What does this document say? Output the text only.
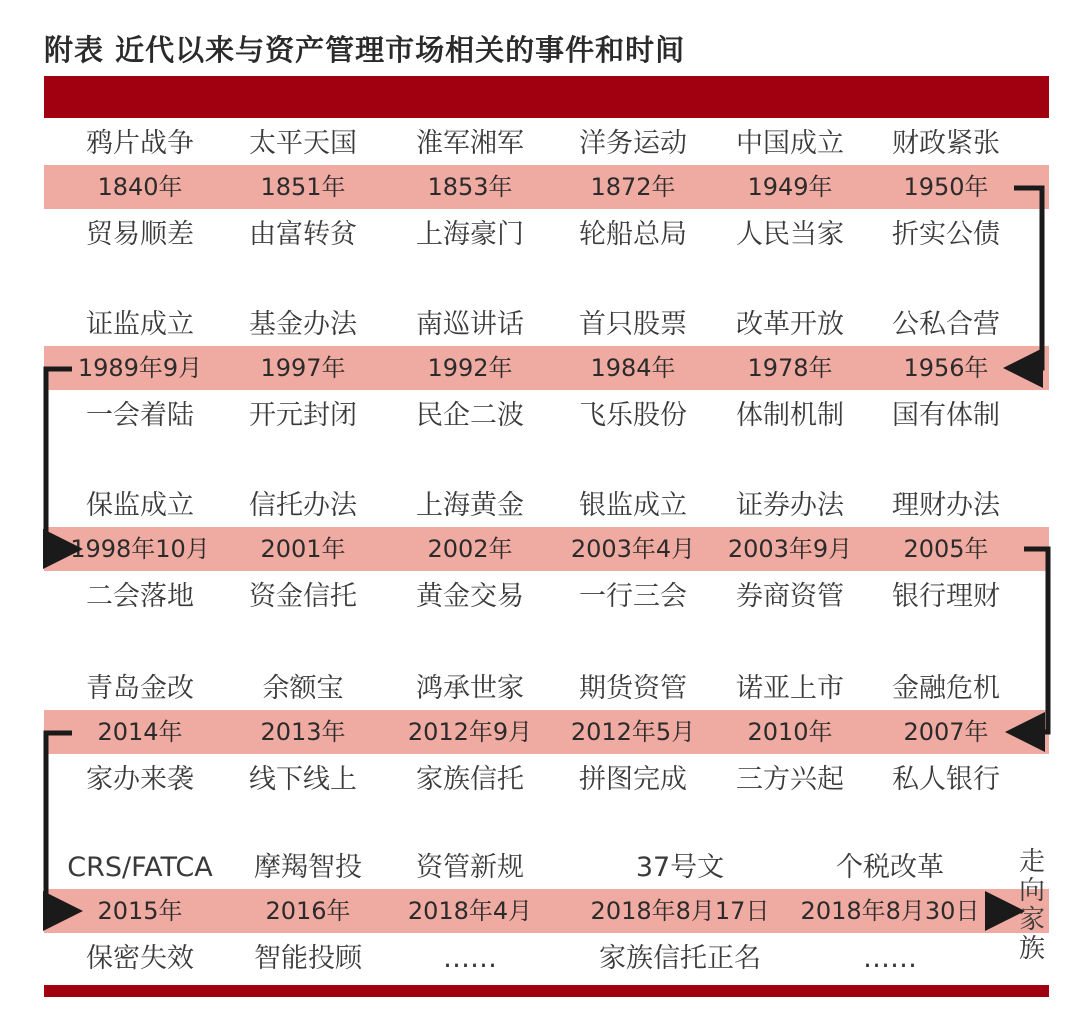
附表 近代以来与资产管理市场相关的事件和时间
鸦片战争 太平天国 淮军湘军 洋务运动 中国成立 财政紧张
1840年	1851年	1853年	1872年	1949年	1950年
贸易顺差 由富转贫 上海豪门 轮船总局 人民当家 折实公债
证监成立 基金办法 南巡讲话 首只股票 改革开放 公私合营
1989年9月 1997年	1992年	1984年	1978年	1956年
一会着陆 开元封闭 民企二波 飞乐股份 体制机制 国有体制
保监成立 信托办法 上海黄金 银监成立 证券办法 理财办法
1998年10月 2001年	2002年 2003年4月 2003年9月 2005年
二会落地 资金信托 黄金交易 一行三会 券商资管 银行理财
青岛金改	余额宝	鸿承世家 期货资管 诺亚上市 金融危机
2014年	2013年	2012年9月 2012年5月 2010年	2007年
家办来袭 线下线上 家族信托 拼图完成 三方兴起 私人银行
CRS/FATCA 摩羯智投 资管新规	37号文	个税改革
2015年	2016年 2018年4月 2018年8月17日 2018年8月30日
保密失效 智能投顾	……	家族信托正名	……
走向家族
